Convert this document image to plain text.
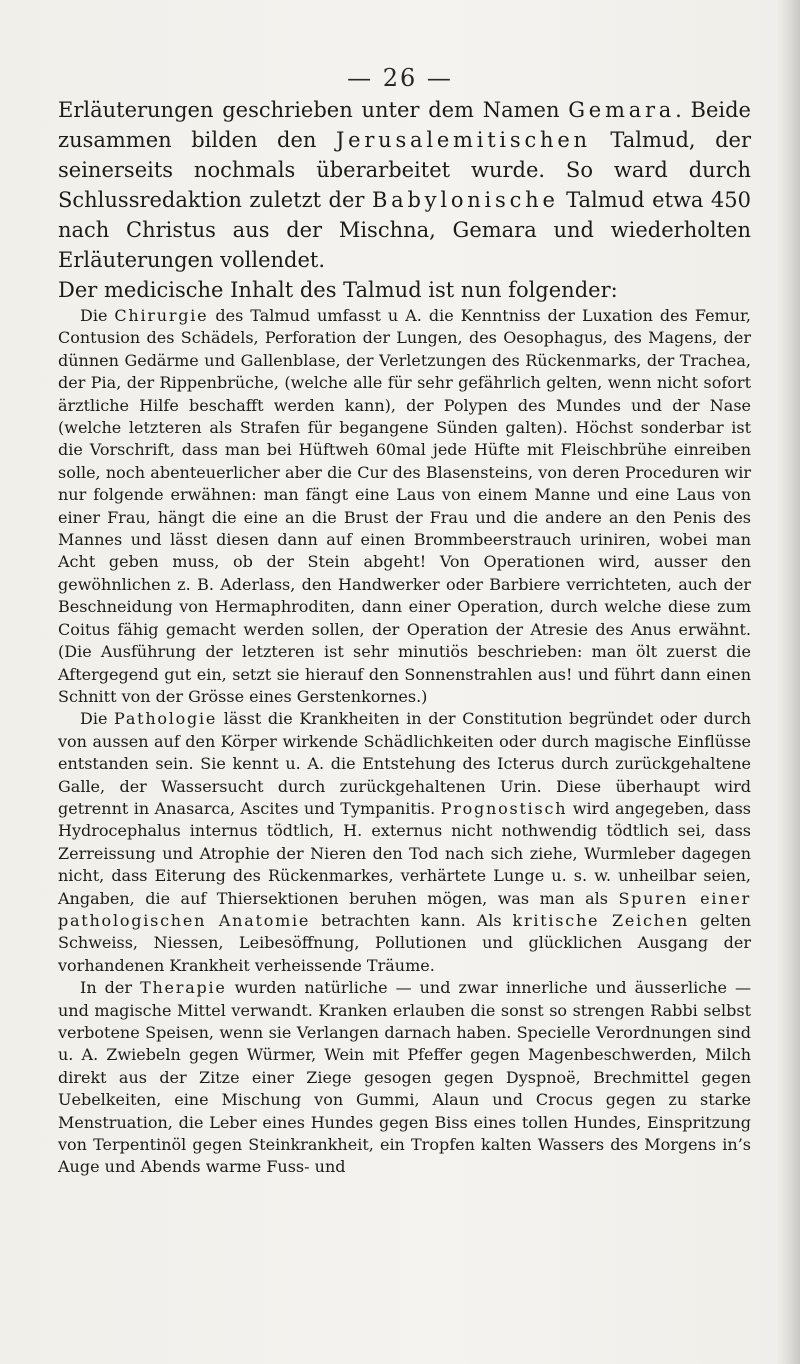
— 26 —

Erläuterungen geschrieben unter dem Namen Gemara. Beide zusammen bilden den Jerusalemitischen Talmud, der seinerseits nochmals überarbeitet wurde. So ward durch Schlussredaktion zuletzt der Babylonische Talmud etwa 450 nach Christus aus der Mischna, Gemara und wiederholten Erläuterungen vollendet.

Der medicische Inhalt des Talmud ist nun folgender:

Die Chirurgie des Talmud umfasst u A. die Kenntniss der Luxation des Femur, Contusion des Schädels, Perforation der Lungen, des Oesophagus, des Magens, der dünnen Gedärme und Gallenblase, der Verletzungen des Rückenmarks, der Trachea, der Pia, der Rippenbrüche, (welche alle für sehr gefährlich gelten, wenn nicht sofort ärztliche Hilfe beschafft werden kann), der Polypen des Mundes und der Nase (welche letzteren als Strafen für begangene Sünden galten). Höchst sonderbar ist die Vorschrift, dass man bei Hüftweh 60mal jede Hüfte mit Fleischbrühe einreiben solle, noch abenteuerlicher aber die Cur des Blasensteins, von deren Proceduren wir nur folgende erwähnen: man fängt eine Laus von einem Manne und eine Laus von einer Frau, hängt die eine an die Brust der Frau und die andere an den Penis des Mannes und lässt diesen dann auf einen Brommbeerstrauch uriniren, wobei man Acht geben muss, ob der Stein abgeht! Von Operationen wird, ausser den gewöhnlichen z. B. Aderlass, den Handwerker oder Barbiere verrichteten, auch der Beschneidung von Hermaphroditen, dann einer Operation, durch welche diese zum Coitus fähig gemacht werden sollen, der Operation der Atresie des Anus erwähnt. (Die Ausführung der letzteren ist sehr minutiös beschrieben: man ölt zuerst die Aftergegend gut ein, setzt sie hierauf den Sonnenstrahlen aus! und führt dann einen Schnitt von der Grösse eines Gerstenkornes.)

Die Pathologie lässt die Krankheiten in der Constitution begründet oder durch von aussen auf den Körper wirkende Schädlichkeiten oder durch magische Einflüsse entstanden sein. Sie kennt u. A. die Entstehung des Icterus durch zurückgehaltene Galle, der Wassersucht durch zurückgehaltenen Urin. Diese überhaupt wird getrennt in Anasarca, Ascites und Tympanitis. Prognostisch wird angegeben, dass Hydrocephalus internus tödtlich, H. externus nicht nothwendig tödtlich sei, dass Zerreissung und Atrophie der Nieren den Tod nach sich ziehe, Wurmleber dagegen nicht, dass Eiterung des Rückenmarkes, verhärtete Lunge u. s. w. unheilbar seien, Angaben, die auf Thiersektionen beruhen mögen, was man als Spuren einer pathologischen Anatomie betrachten kann. Als kritische Zeichen gelten Schweiss, Niessen, Leibesöffnung, Pollutionen und glücklichen Ausgang der vorhandenen Krankheit verheissende Träume.

In der Therapie wurden natürliche — und zwar innerliche und äusserliche — und magische Mittel verwandt. Kranken erlauben die sonst so strengen Rabbi selbst verbotene Speisen, wenn sie Verlangen darnach haben. Specielle Verordnungen sind u. A. Zwiebeln gegen Würmer, Wein mit Pfeffer gegen Magenbeschwerden, Milch direkt aus der Zitze einer Ziege gesogen gegen Dyspnoë, Brechmittel gegen Uebelkeiten, eine Mischung von Gummi, Alaun und Crocus gegen zu starke Menstruation, die Leber eines Hundes gegen Biss eines tollen Hundes, Einspritzung von Terpentinöl gegen Steinkrankheit, ein Tropfen kalten Wassers des Morgens in’s Auge und Abends warme Fuss- und
